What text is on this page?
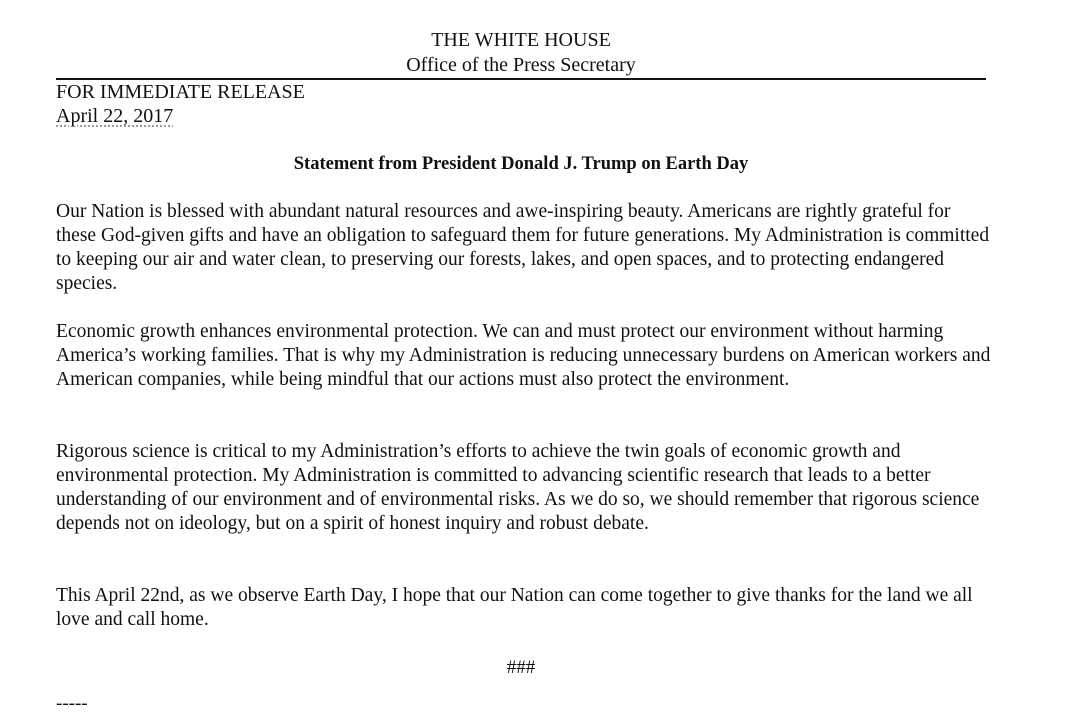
THE WHITE HOUSE
Office of the Press Secretary
FOR IMMEDIATE RELEASE
April 22, 2017
Statement from President Donald J. Trump on Earth Day

Our Nation is blessed with abundant natural resources and awe-inspiring beauty. Americans are rightly grateful for these God-given gifts and have an obligation to safeguard them for future generations. My Administration is committed to keeping our air and water clean, to preserving our forests, lakes, and open spaces, and to protecting endangered species.

Economic growth enhances environmental protection. We can and must protect our environment without harming America’s working families. That is why my Administration is reducing unnecessary burdens on American workers and American companies, while being mindful that our actions must also protect the environment.

Rigorous science is critical to my Administration’s efforts to achieve the twin goals of economic growth and environmental protection. My Administration is committed to advancing scientific research that leads to a better understanding of our environment and of environmental risks. As we do so, we should remember that rigorous science depends not on ideology, but on a spirit of honest inquiry and robust debate.

This April 22nd, as we observe Earth Day, I hope that our Nation can come together to give thanks for the land we all love and call home.

###
-----
